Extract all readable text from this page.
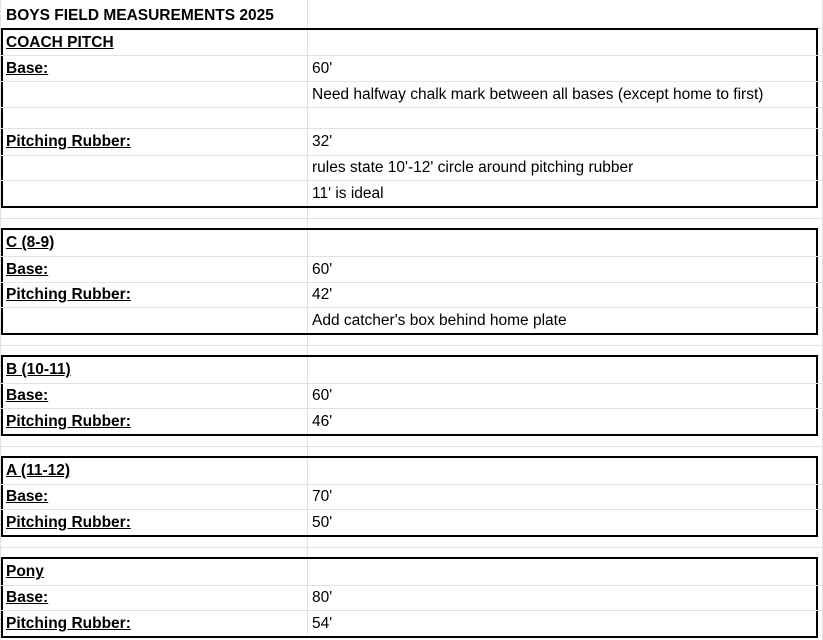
BOYS FIELD MEASUREMENTS 2025
COACH PITCH
Base:	60'
Need halfway chalk mark between all bases (except home to first)
Pitching Rubber:	32'
rules state 10'-12' circle around pitching rubber
11' is ideal
C (8-9)
Base:	60'
Pitching Rubber:	42'
Add catcher's box behind home plate
B (10-11)
Base:	60'
Pitching Rubber:	46'
A (11-12)
Base:	70'
Pitching Rubber:	50'
Pony
Base:	80'
Pitching Rubber:	54'
